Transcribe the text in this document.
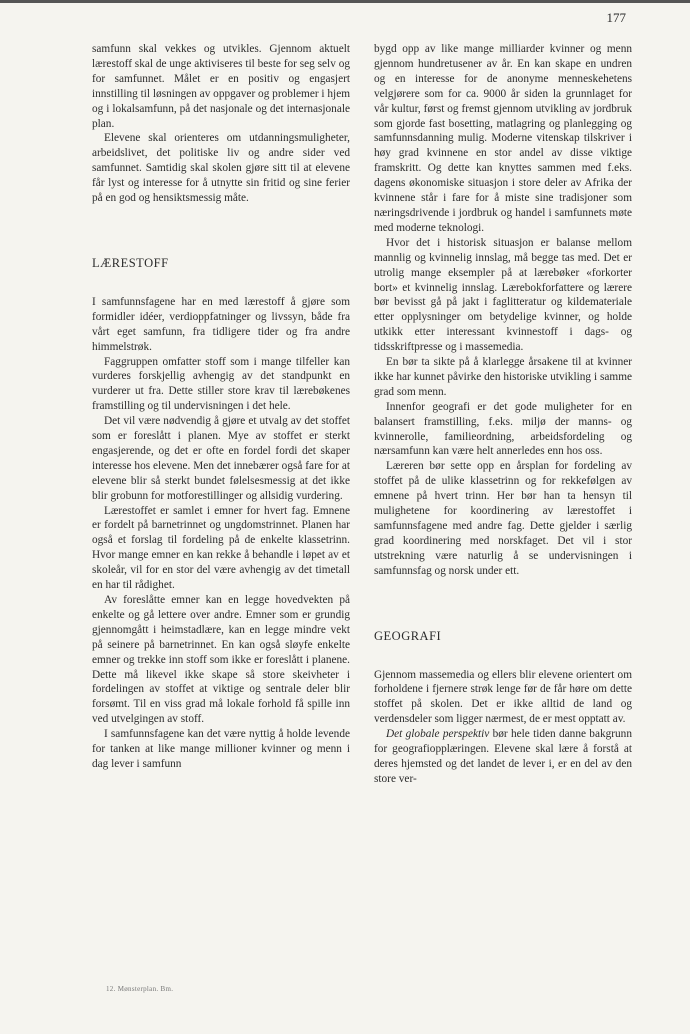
177

samfunn skal vekkes og utvikles. Gjennom aktuelt lærestoff skal de unge aktiviseres til beste for seg selv og for samfunnet. Målet er en positiv og engasjert innstilling til løsningen av oppgaver og problemer i hjem og i lokalsamfunn, på det nasjonale og det internasjonale plan.

Elevene skal orienteres om utdanningsmuligheter, arbeidslivet, det politiske liv og andre sider ved samfunnet. Samtidig skal skolen gjøre sitt til at elevene får lyst og interesse for å utnytte sin fritid og sine ferier på en god og hensiktsmessig måte.

LÆRESTOFF

I samfunnsfagene har en med lærestoff å gjøre som formidler idéer, verdioppfatninger og livssyn, både fra vårt eget samfunn, fra tidligere tider og fra andre himmelstrøk.

Faggruppen omfatter stoff som i mange tilfeller kan vurderes forskjellig avhengig av det standpunkt en vurderer ut fra. Dette stiller store krav til lærebøkenes framstilling og til undervisningen i det hele.

Det vil være nødvendig å gjøre et utvalg av det stoffet som er foreslått i planen. Mye av stoffet er sterkt engasjerende, og det er ofte en fordel fordi det skaper interesse hos elevene. Men det innebærer også fare for at elevene blir så sterkt bundet følelsesmessig at det ikke blir grobunn for motforestillinger og allsidig vurdering.

Lærestoffet er samlet i emner for hvert fag. Emnene er fordelt på barnetrinnet og ungdomstrinnet. Planen har også et forslag til fordeling på de enkelte klassetrinn. Hvor mange emner en kan rekke å behandle i løpet av et skoleår, vil for en stor del være avhengig av det timetall en har til rådighet.

Av foreslåtte emner kan en legge hovedvekten på enkelte og gå lettere over andre. Emner som er grundig gjennomgått i heimstadlære, kan en legge mindre vekt på seinere på barnetrinnet. En kan også sløyfe enkelte emner og trekke inn stoff som ikke er foreslått i planene. Dette må likevel ikke skape så store skeivheter i fordelingen av stoffet at viktige og sentrale deler blir forsømt. Til en viss grad må lokale forhold få spille inn ved utvelgingen av stoff.

I samfunnsfagene kan det være nyttig å holde levende for tanken at like mange millioner kvinner og menn i dag lever i samfunn

bygd opp av like mange milliarder kvinner og menn gjennom hundretusener av år. En kan skape en undren og en interesse for de anonyme menneskehetens velgjørere som for ca. 9000 år siden la grunnlaget for vår kultur, først og fremst gjennom utvikling av jordbruk som gjorde fast bosetting, matlagring og planlegging og samfunnsdanning mulig. Moderne vitenskap tilskriver i høy grad kvinnene en stor andel av disse viktige framskritt. Og dette kan knyttes sammen med f.eks. dagens økonomiske situasjon i store deler av Afrika der kvinnene står i fare for å miste sine tradisjoner som næringsdrivende i jordbruk og handel i samfunnets møte med moderne teknologi.

Hvor det i historisk situasjon er balanse mellom mannlig og kvinnelig innslag, må begge tas med. Det er utrolig mange eksempler på at lærebøker «forkorter bort» et kvinnelig innslag. Lærebokforfattere og lærere bør bevisst gå på jakt i faglitteratur og kildemateriale etter opplysninger om betydelige kvinner, og holde utkikk etter interessant kvinnestoff i dags- og tidsskriftpresse og i massemedia.

En bør ta sikte på å klarlegge årsakene til at kvinner ikke har kunnet påvirke den historiske utvikling i samme grad som menn.

Innenfor geografi er det gode muligheter for en balansert framstilling, f.eks. miljø der manns- og kvinnerolle, familieordning, arbeidsfordeling og nærsamfunn kan være helt annerledes enn hos oss.

Læreren bør sette opp en årsplan for fordeling av stoffet på de ulike klassetrinn og for rekkefølgen av emnene på hvert trinn. Her bør han ta hensyn til mulighetene for koordinering av lærestoffet i samfunnsfagene med andre fag. Dette gjelder i særlig grad koordinering med norskfaget. Det vil i stor utstrekning være naturlig å se undervisningen i samfunnsfag og norsk under ett.

GEOGRAFI

Gjennom massemedia og ellers blir elevene orientert om forholdene i fjernere strøk lenge før de får høre om dette stoffet på skolen. Det er ikke alltid de land og verdensdeler som ligger nærmest, de er mest opptatt av.

Det globale perspektiv bør hele tiden danne bakgrunn for geografiopplæringen. Elevene skal lære å forstå at deres hjemsted og det landet de lever i, er en del av den store ver-

12. Mønsterplan. Bm.
